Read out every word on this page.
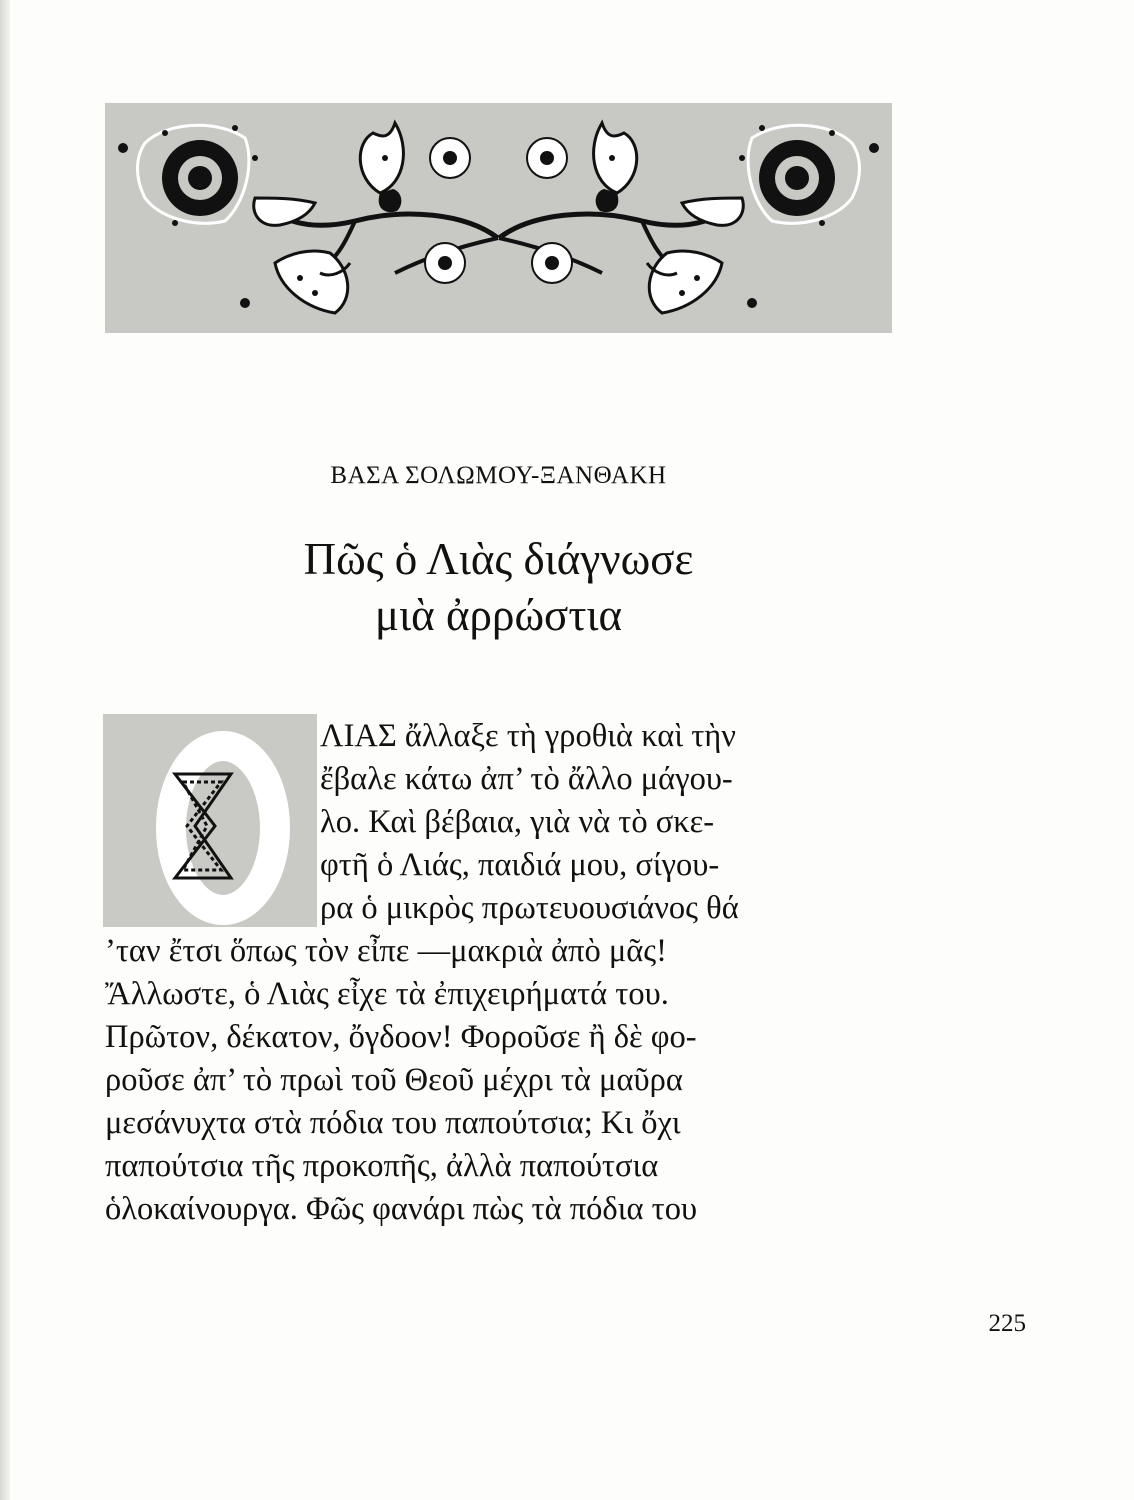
ΒΑΣΑ ΣΟΛΩΜΟΥ-ΞΑΝΘΑΚΗ
Πῶς ὁ Λιὰς διάγνωσε
μιὰ ἀρρώστια
ΛΙΑΣ ἄλλαξε τὴ γροθιὰ καὶ τὴν
ἔβαλε κάτω ἀπ’ τὸ ἄλλο μάγου-
λο. Καὶ βέβαια, γιὰ νὰ τὸ σκε-
φτῆ ὁ Λιάς, παιδιά μου, σίγου-
ρα ὁ μικρὸς πρωτευουσιάνος θά
’ταν ἔτσι ὅπως τὸν εἶπε —μακριὰ ἀπὸ μᾶς!
Ἄλλωστε, ὁ Λιὰς εἶχε τὰ ἐπιχειρήματά του.
Πρῶτον, δέκατον, ὄγδοον! Φοροῦσε ἢ δὲ φο-
ροῦσε ἀπ’ τὸ πρωὶ τοῦ Θεοῦ μέχρι τὰ μαῦρα
μεσάνυχτα στὰ πόδια του παπούτσια; Κι ὄχι
παπούτσια τῆς προκοπῆς, ἀλλὰ παπούτσια
ὁλοκαίνουργα. Φῶς φανάρι πὼς τὰ πόδια του
225
